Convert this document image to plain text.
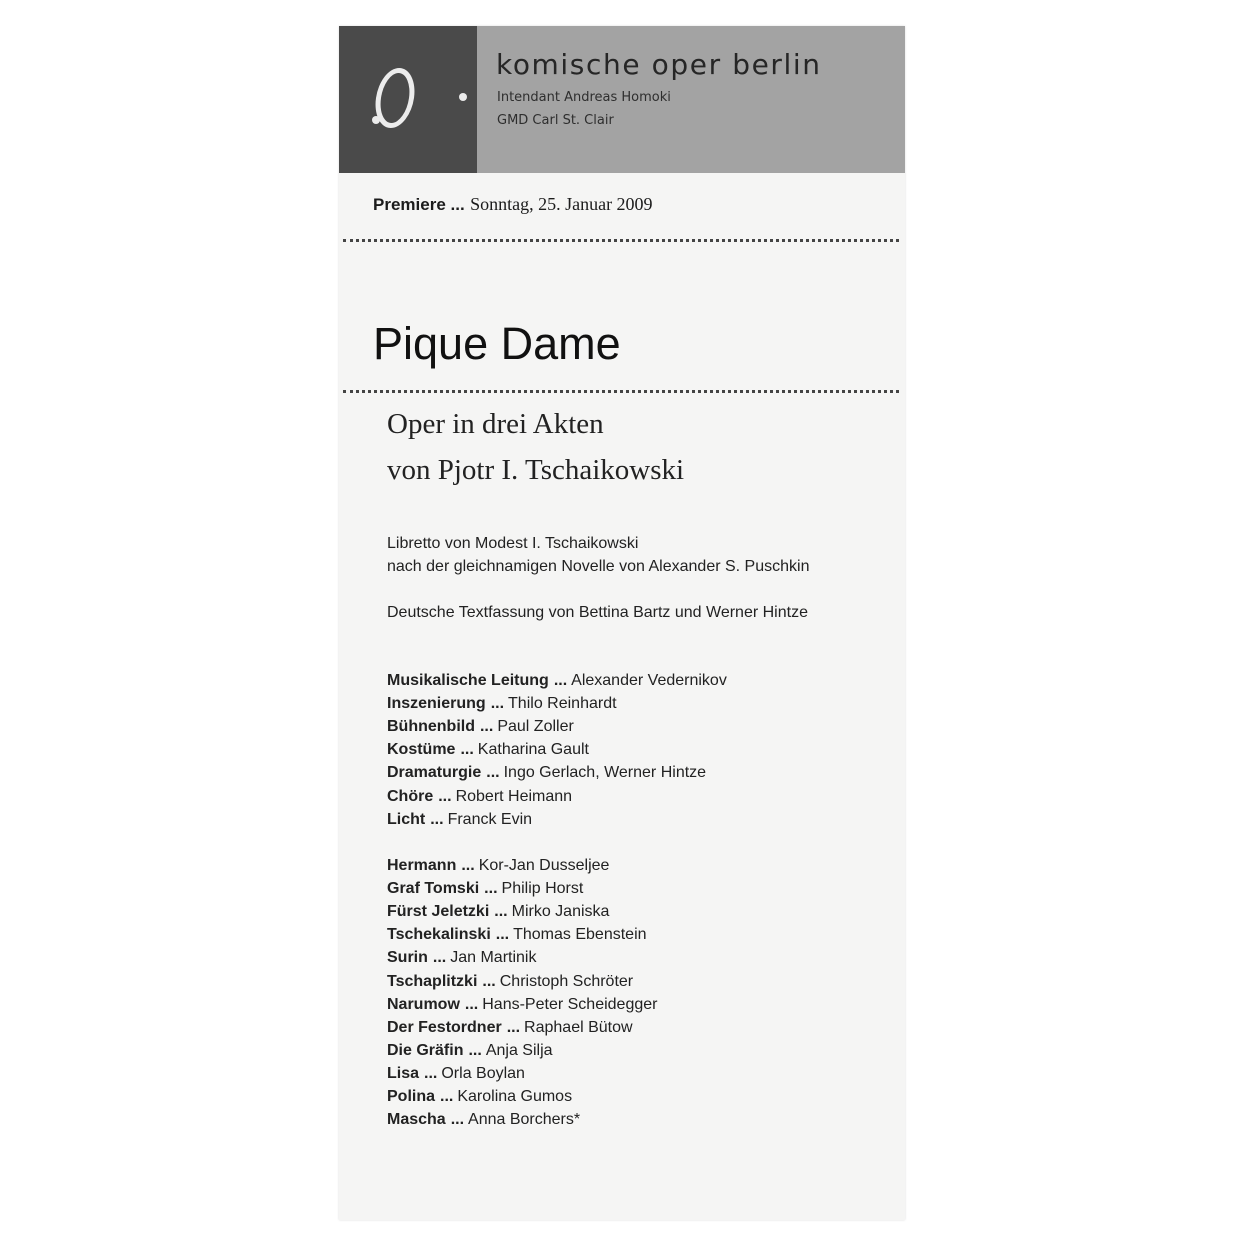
komische oper berlin
Intendant Andreas Homoki
GMD Carl St. Clair
Premiere ... Sonntag, 25. Januar 2009
Pique Dame
Oper in drei Akten
von Pjotr I. Tschaikowski
Libretto von Modest I. Tschaikowski
nach der gleichnamigen Novelle von Alexander S. Puschkin
Deutsche Textfassung von Bettina Bartz und Werner Hintze
Musikalische Leitung ... Alexander Vedernikov
Inszenierung ... Thilo Reinhardt
Bühnenbild ... Paul Zoller
Kostüme ... Katharina Gault
Dramaturgie ... Ingo Gerlach, Werner Hintze
Chöre ... Robert Heimann
Licht ... Franck Evin
Hermann ... Kor-Jan Dusseljee
Graf Tomski ... Philip Horst
Fürst Jeletzki ... Mirko Janiska
Tschekalinski ... Thomas Ebenstein
Surin ... Jan Martinik
Tschaplitzki ... Christoph Schröter
Narumow ... Hans-Peter Scheidegger
Der Festordner ... Raphael Bütow
Die Gräfin ... Anja Silja
Lisa ... Orla Boylan
Polina ... Karolina Gumos
Mascha ... Anna Borchers*
